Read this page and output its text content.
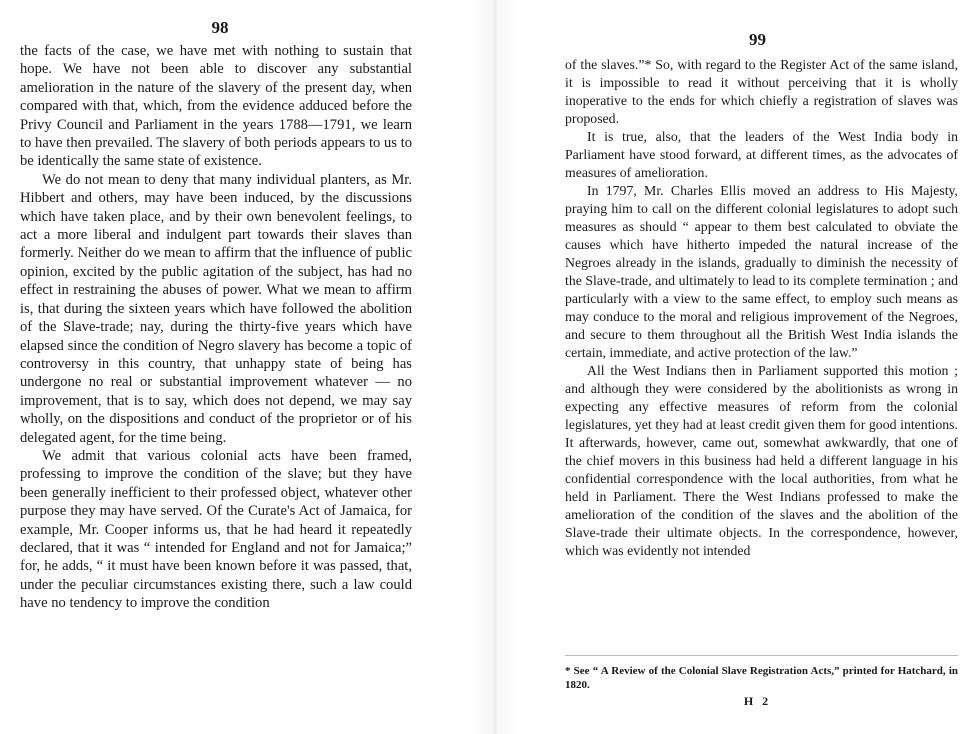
98

the facts of the case, we have met with nothing to sustain that hope. We have not been able to discover any substantial amelioration in the nature of the slavery of the present day, when compared with that, which, from the evidence adduced before the Privy Council and Parliament in the years 1788—1791, we learn to have then prevailed. The slavery of both periods appears to us to be identically the same state of existence.

We do not mean to deny that many individual planters, as Mr. Hibbert and others, may have been induced, by the discussions which have taken place, and by their own benevolent feelings, to act a more liberal and indulgent part towards their slaves than formerly. Neither do we mean to affirm that the influence of public opinion, excited by the public agitation of the subject, has had no effect in restraining the abuses of power. What we mean to affirm is, that during the sixteen years which have followed the abolition of the Slave-trade; nay, during the thirty-five years which have elapsed since the condition of Negro slavery has become a topic of controversy in this country, that unhappy state of being has undergone no real or substantial improvement whatever — no improvement, that is to say, which does not depend, we may say wholly, on the dispositions and conduct of the proprietor or of his delegated agent, for the time being.

We admit that various colonial acts have been framed, professing to improve the condition of the slave; but they have been generally inefficient to their professed object, whatever other purpose they may have served. Of the Curate's Act of Jamaica, for example, Mr. Cooper informs us, that he had heard it repeatedly declared, that it was “ intended for England and not for Jamaica;” for, he adds, “ it must have been known before it was passed, that, under the peculiar circumstances existing there, such a law could have no tendency to improve the condition

99

of the slaves.”* So, with regard to the Register Act of the same island, it is impossible to read it without perceiving that it is wholly inoperative to the ends for which chiefly a registration of slaves was proposed.

It is true, also, that the leaders of the West India body in Parliament have stood forward, at different times, as the advocates of measures of amelioration.

In 1797, Mr. Charles Ellis moved an address to His Majesty, praying him to call on the different colonial legislatures to adopt such measures as should “ appear to them best calculated to obviate the causes which have hitherto impeded the natural increase of the Negroes already in the islands, gradually to diminish the necessity of the Slave-trade, and ultimately to lead to its complete termination ; and particularly with a view to the same effect, to employ such means as may conduce to the moral and religious improvement of the Negroes, and secure to them throughout all the British West India islands the certain, immediate, and active protection of the law.”

All the West Indians then in Parliament supported this motion ; and although they were considered by the abolitionists as wrong in expecting any effective measures of reform from the colonial legislatures, yet they had at least credit given them for good intentions. It afterwards, however, came out, somewhat awkwardly, that one of the chief movers in this business had held a different language in his confidential correspondence with the local authorities, from what he held in Parliament. There the West Indians professed to make the amelioration of the condition of the slaves and the abolition of the Slave-trade their ultimate objects. In the correspondence, however, which was evidently not intended

* See “ A Review of the Colonial Slave Registration Acts,” printed for Hatchard, in 1820.
H 2
